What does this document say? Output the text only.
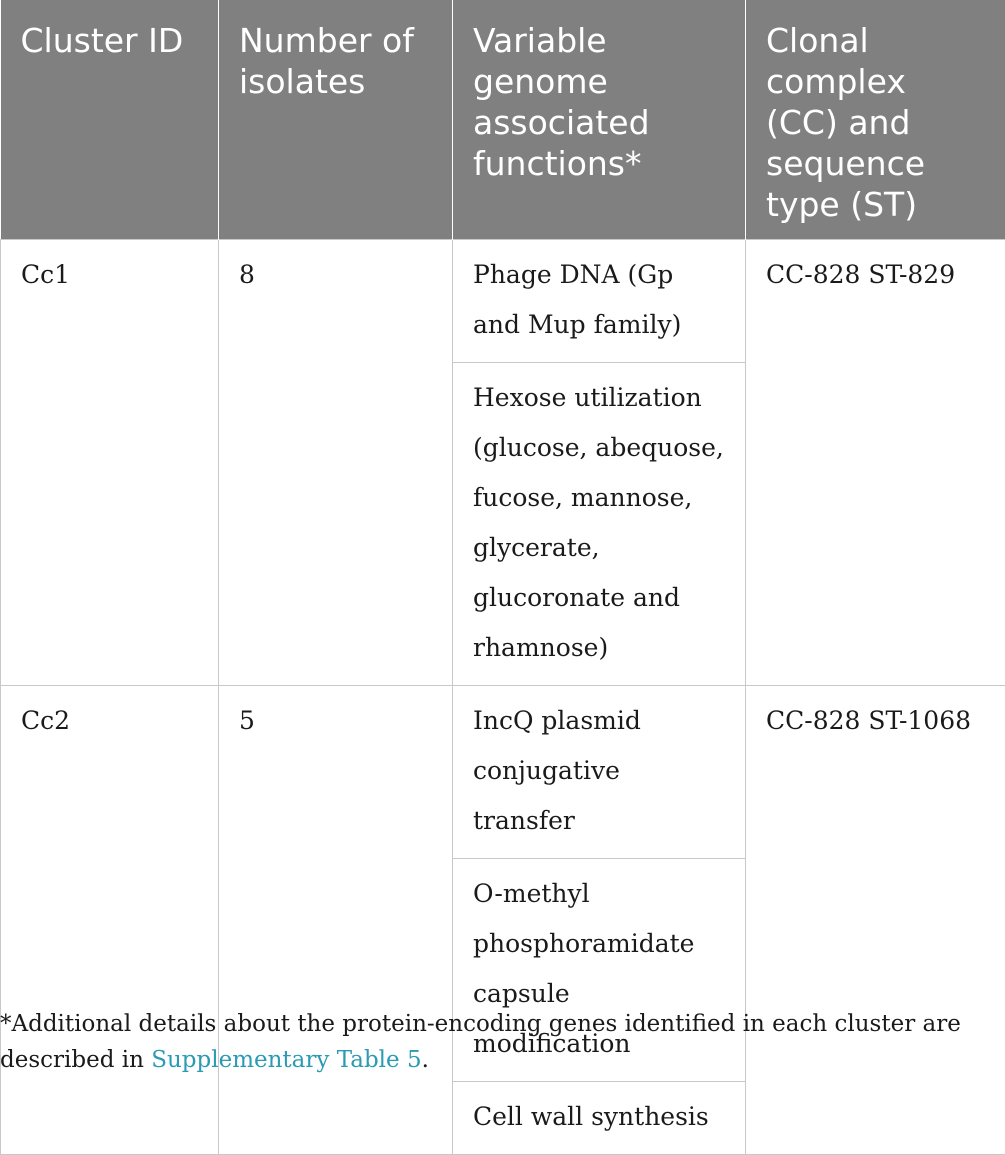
Cluster ID	Number of isolates	Variable genome associated functions*	Clonal complex (CC) and sequence type (ST)
Cc1	8	Phage DNA (Gp and Mup family)	CC-828 ST-829
		Hexose utilization (glucose, abequose, fucose, mannose, glycerate, glucoronate and rhamnose)	
Cc2	5	IncQ plasmid conjugative transfer	CC-828 ST-1068
		O-methyl phosphoramidate capsule modification	
		Cell wall synthesis	
*Additional details about the protein-encoding genes identified in each cluster are described in Supplementary Table 5.
